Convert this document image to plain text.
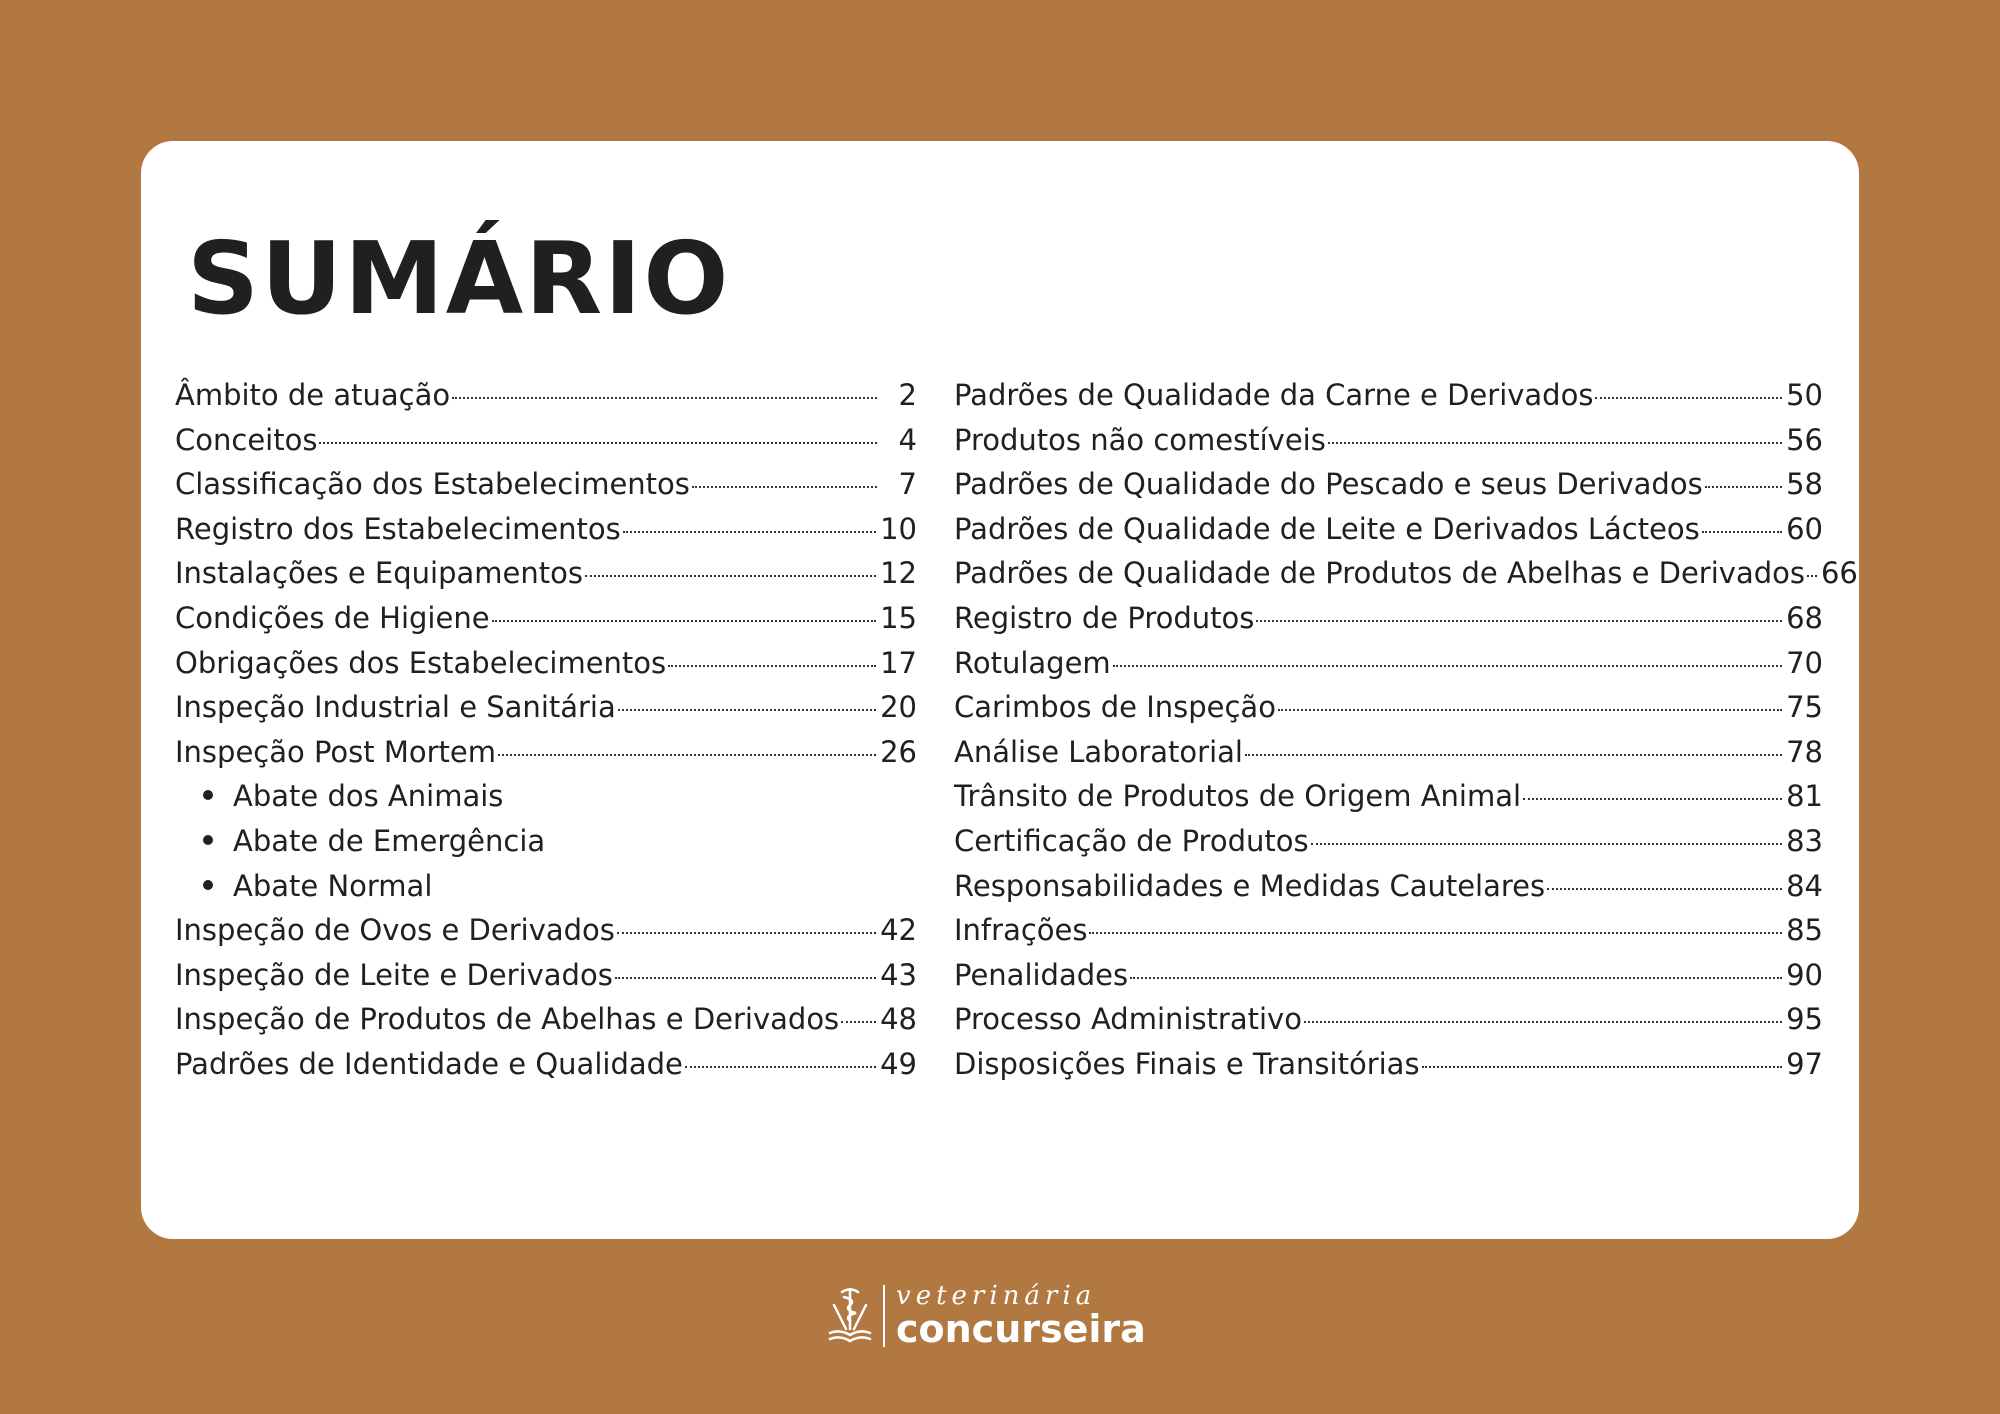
SUMÁRIO
Âmbito de atuação	2
Conceitos	4
Classificação dos Estabelecimentos	7
Registro dos Estabelecimentos	10
Instalações e Equipamentos	12
Condições de Higiene	15
Obrigações dos Estabelecimentos	17
Inspeção Industrial e Sanitária	20
Inspeção Post Mortem	26
Abate dos Animais
Abate de Emergência
Abate Normal
Inspeção de Ovos e Derivados	42
Inspeção de Leite e Derivados	43
Inspeção de Produtos de Abelhas e Derivados 48
Padrões de Identidade e Qualidade	49
Padrões de Qualidade da Carne e Derivados	50
Produtos não comestíveis	56
Padrões de Qualidade do Pescado e seus Derivados	58
Padrões de Qualidade de Leite e Derivados Lácteos	60
Padrões de Qualidade de Produtos de Abelhas e Derivados 66
Registro de Produtos	68
Rotulagem	70
Carimbos de Inspeção	75
Análise Laboratorial	78
Trânsito de Produtos de Origem Animal	81
Certificação de Produtos	83
Responsabilidades e Medidas Cautelares	84
Infrações	85
Penalidades	90
Processo Administrativo	95
Disposições Finais e Transitórias	97
veterinária
concurseira
